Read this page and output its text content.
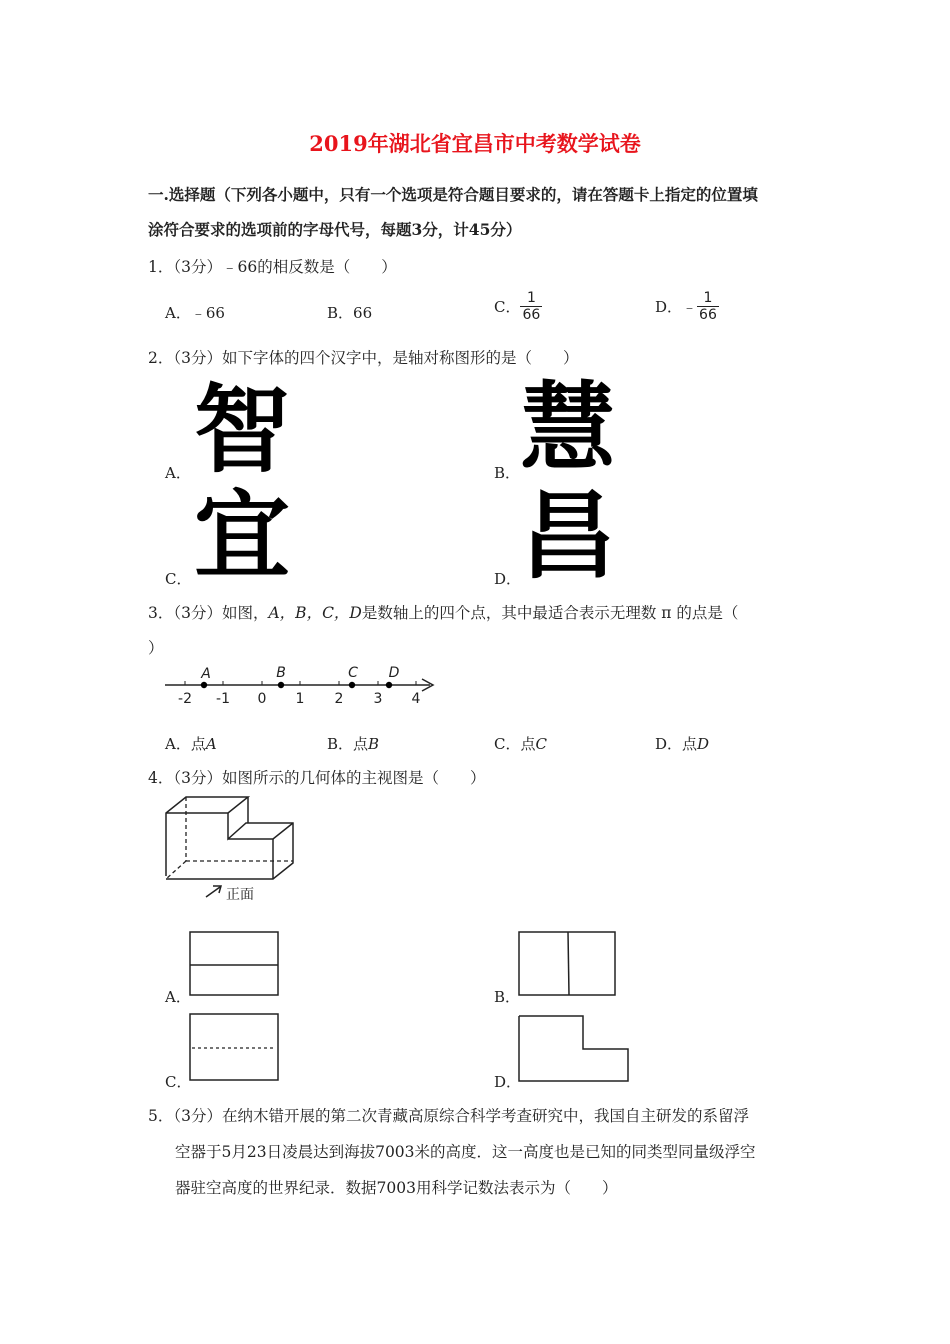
2019年湖北省宜昌市中考数学试卷
一.选择题（下列各小题中，只有一个选项是符合题目要求的，请在答题卡上指定的位置填
涂符合要求的选项前的字母代号，每题3分，计45分）
1．（3分）﹣66的相反数是（　　）
A．﹣66	B．66	C． $\frac{1}{66}$	D．﹣ $\frac{1}{66}$
2．（3分）如下字体的四个汉字中，是轴对称图形的是（　　）
智
A．	慧
B．
宜
C．	昌
D．
3．（3分）如图，A，B，C，D是数轴上的四个点，其中最适合表示无理数 π 的点是（
）
-2 -1 0 1 2 3 4
A	B	C D
A．点A	B．点B	C．点C	D．点D
4．（3分）如图所示的几何体的主视图是（　　）
正面
A．	B．
C．	D．
5．（3分）在纳木错开展的第二次青藏高原综合科学考查研究中，我国自主研发的系留浮
空器于5月23日凌晨达到海拔7003米的高度．这一高度也是已知的同类型同量级浮空
器驻空高度的世界纪录．数据7003用科学记数法表示为（　　）
